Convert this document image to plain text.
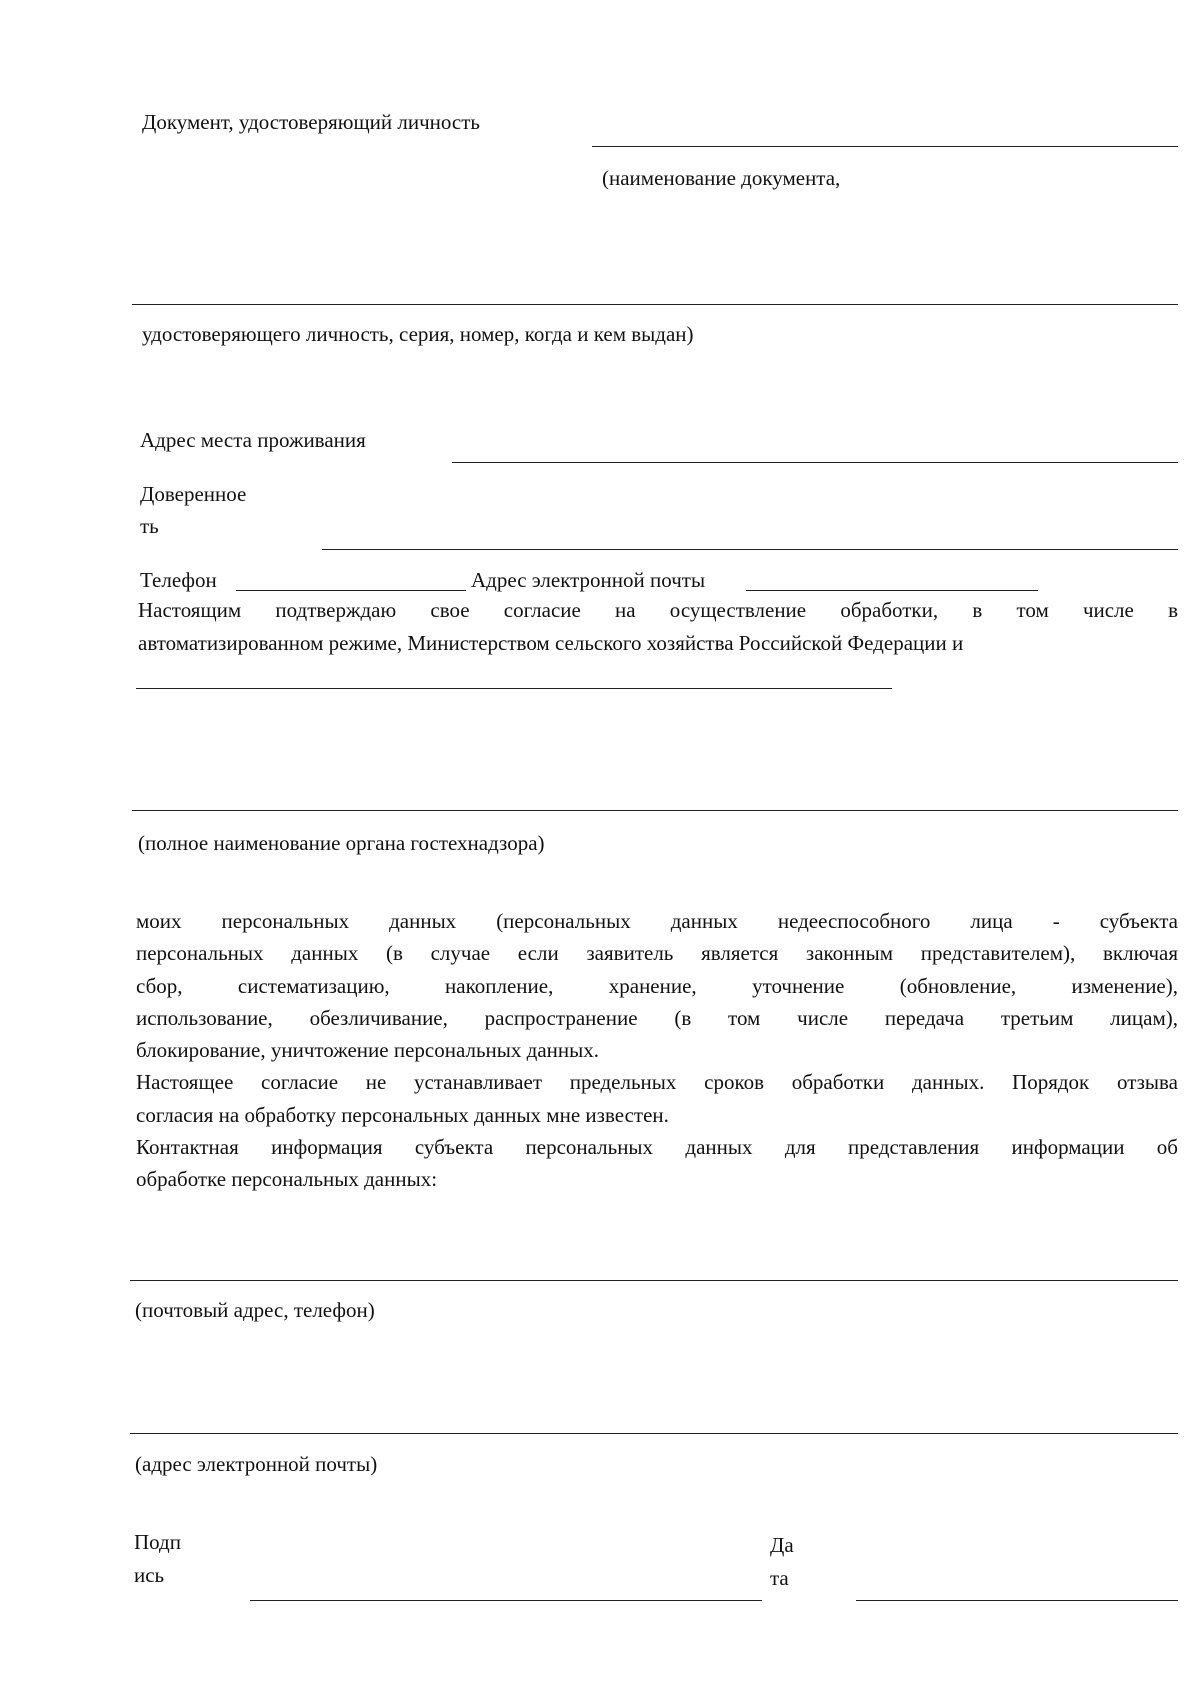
Документ, удостоверяющий личность
(наименование документа,
удостоверяющего личность, серия, номер, когда и кем выдан)
Адрес места проживания
Доверенное
ть
Телефон	Адрес электронной почты
Настоящим подтверждаю свое согласие на осуществление обработки, в том числе в
автоматизированном режиме, Министерством сельского хозяйства Российской Федерации и
(полное наименование органа гостехнадзора)
моих персональных данных (персональных данных недееспособного лица - субъекта
персональных данных (в случае если заявитель является законным представителем), включая
сбор, систематизацию, накопление, хранение, уточнение (обновление, изменение),
использование, обезличивание, распространение (в том числе передача третьим лицам),
блокирование, уничтожение персональных данных.
Настоящее согласие не устанавливает предельных сроков обработки данных. Порядок отзыва
согласия на обработку персональных данных мне известен.
Контактная информация субъекта персональных данных для представления информации об
обработке персональных данных:
(почтовый адрес, телефон)
(адрес электронной почты)
Подп
ись
Да
та
